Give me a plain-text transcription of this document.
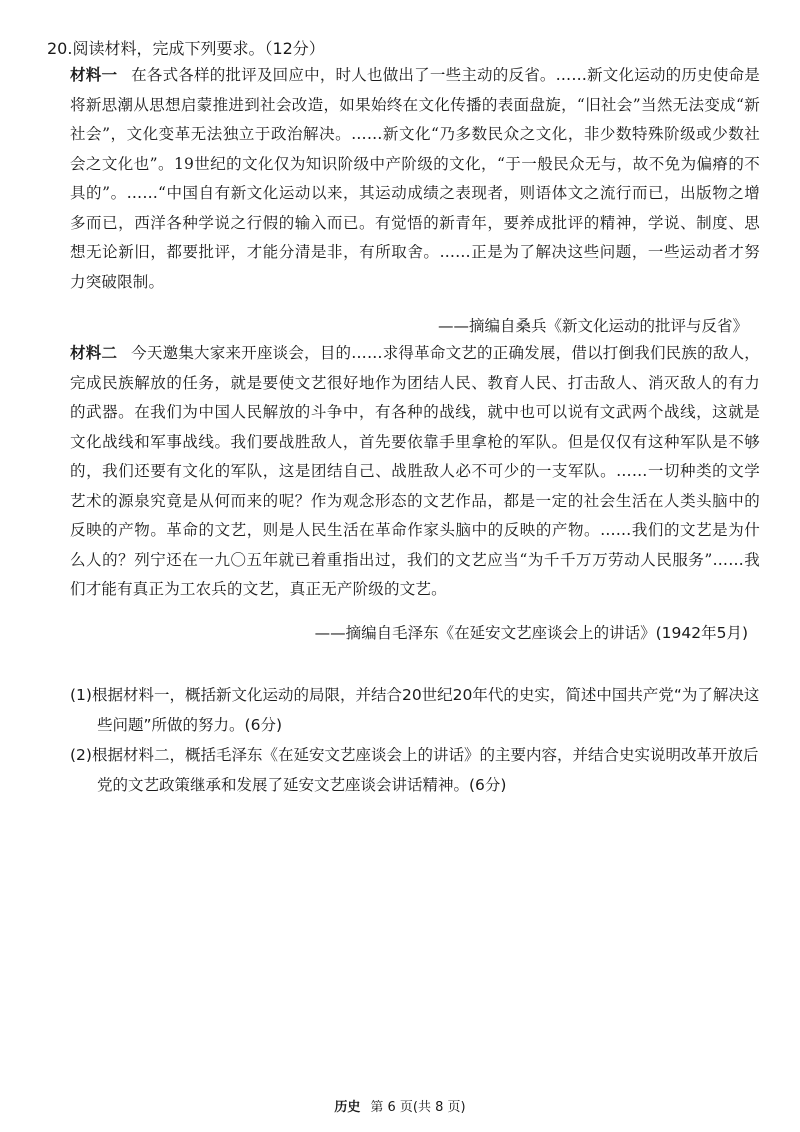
20.阅读材料，完成下列要求。（12分）
材料一 在各式各样的批评及回应中，时人也做出了一些主动的反省。……新文化运动的历史使命是将新思潮从思想启蒙推进到社会改造，如果始终在文化传播的表面盘旋，“旧社会”当然无法变成“新社会”，文化变革无法独立于政治解决。……新文化“乃多数民众之文化，非少数特殊阶级或少数社会之文化也”。19世纪的文化仅为知识阶级中产阶级的文化，“于一般民众无与，故不免为偏瘠的不具的”。……“中国自有新文化运动以来，其运动成绩之表现者，则语体文之流行而已，出版物之增多而已，西洋各种学说之行假的输入而已。有觉悟的新青年，要养成批评的精神，学说、制度、思想无论新旧，都要批评，才能分清是非，有所取舍。……正是为了解决这些问题，一些运动者才努力突破限制。
——摘编自桑兵《新文化运动的批评与反省》
材料二 今天邀集大家来开座谈会，目的……求得革命文艺的正确发展，借以打倒我们民族的敌人，完成民族解放的任务，就是要使文艺很好地作为团结人民、教育人民、打击敌人、消灭敌人的有力的武器。在我们为中国人民解放的斗争中，有各种的战线，就中也可以说有文武两个战线，这就是文化战线和军事战线。我们要战胜敌人，首先要依靠手里拿枪的军队。但是仅仅有这种军队是不够的，我们还要有文化的军队，这是团结自己、战胜敌人必不可少的一支军队。……一切种类的文学艺术的源泉究竟是从何而来的呢？作为观念形态的文艺作品，都是一定的社会生活在人类头脑中的反映的产物。革命的文艺，则是人民生活在革命作家头脑中的反映的产物。……我们的文艺是为什么人的？列宁还在一九〇五年就已着重指出过，我们的文艺应当“为千千万万劳动人民服务”……我们才能有真正为工农兵的文艺，真正无产阶级的文艺。
——摘编自毛泽东《在延安文艺座谈会上的讲话》(1942年5月)
(1)根据材料一，概括新文化运动的局限，并结合20世纪20年代的史实，简述中国共产党“为了解决这些问题”所做的努力。(6分)
(2)根据材料二，概括毛泽东《在延安文艺座谈会上的讲话》的主要内容，并结合史实说明改革开放后党的文艺政策继承和发展了延安文艺座谈会讲话精神。(6分)
历史 第 6 页(共 8 页)
